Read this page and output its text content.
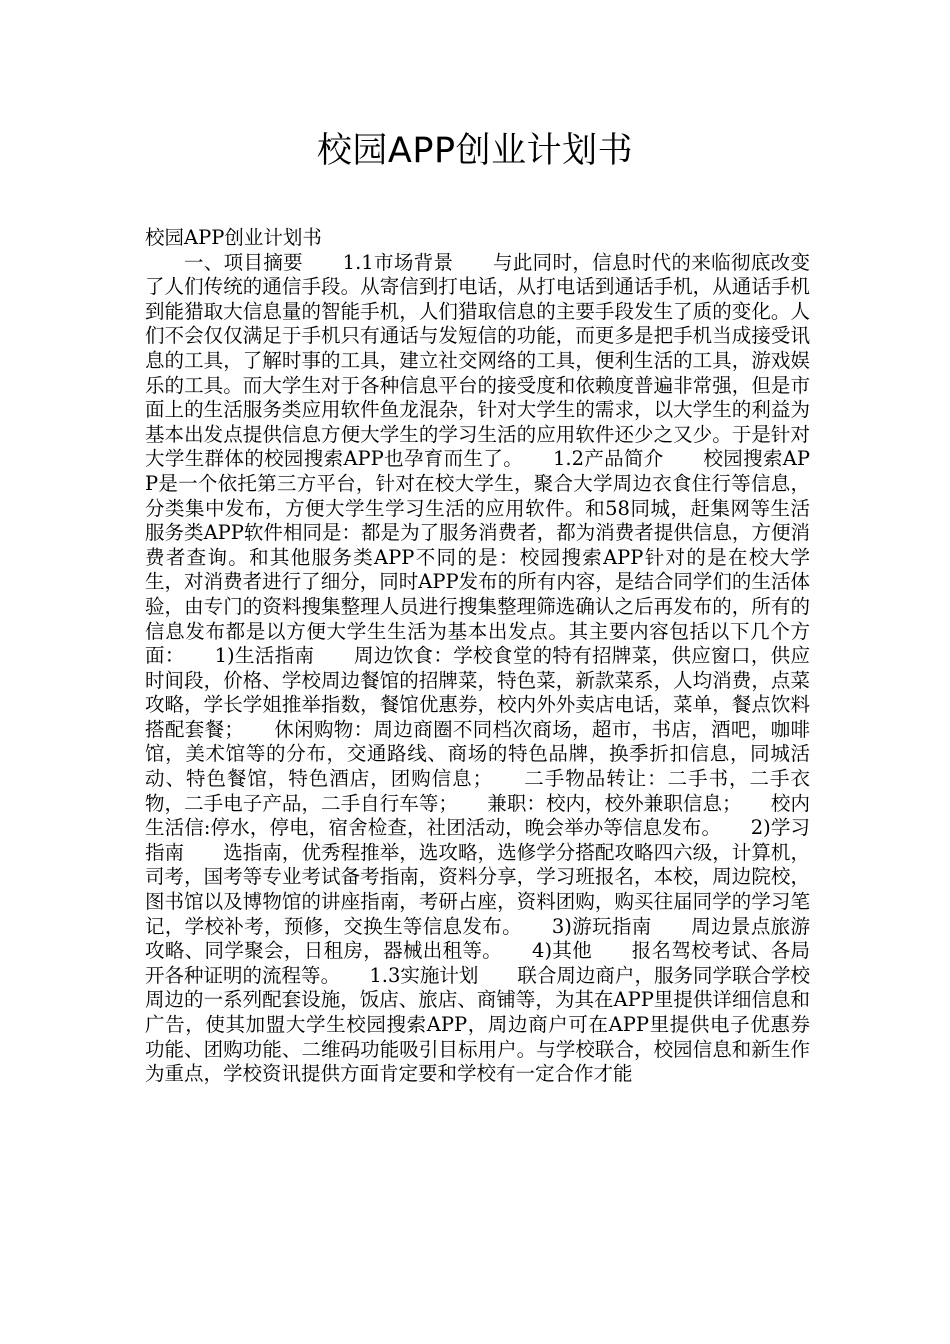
校园APP创业计划书

校园APP创业计划书

一、项目摘要　　1.1市场背景　　与此同时，信息时代的来临彻底改变了人们传统的通信手段。从寄信到打电话，从打电话到通话手机，从通话手机到能猎取大信息量的智能手机，人们猎取信息的主要手段发生了质的变化。人们不会仅仅满足于手机只有通话与发短信的功能，而更多是把手机当成接受讯息的工具，了解时事的工具，建立社交网络的工具，便利生活的工具，游戏娱乐的工具。而大学生对于各种信息平台的接受度和依赖度普遍非常强，但是市面上的生活服务类应用软件鱼龙混杂，针对大学生的需求，以大学生的利益为基本出发点提供信息方便大学生的学习生活的应用软件还少之又少。于是针对大学生群体的校园搜索APP也孕育而生了。　　1.2产品简介　　校园搜索APP是一个依托第三方平台，针对在校大学生，聚合大学周边衣食住行等信息，分类集中发布，方便大学生学习生活的应用软件。和58同城，赶集网等生活服务类APP软件相同是：都是为了服务消费者，都为消费者提供信息，方便消费者查询。和其他服务类APP不同的是：校园搜索APP针对的是在校大学生，对消费者进行了细分，同时APP发布的所有内容，是结合同学们的生活体验，由专门的资料搜集整理人员进行搜集整理筛选确认之后再发布的，所有的信息发布都是以方便大学生生活为基本出发点。其主要内容包括以下几个方面：　　1)生活指南　　周边饮食：学校食堂的特有招牌菜，供应窗口，供应时间段，价格、学校周边餐馆的招牌菜，特色菜，新款菜系，人均消费，点菜攻略，学长学姐推举指数，餐馆优惠券，校内外外卖店电话，菜单，餐点饮料搭配套餐；　　休闲购物：周边商圈不同档次商场，超市，书店，酒吧，咖啡馆，美术馆等的分布，交通路线、商场的特色品牌，换季折扣信息，同城活动、特色餐馆，特色酒店，团购信息；　　二手物品转让：二手书，二手衣物，二手电子产品，二手自行车等；　　兼职：校内，校外兼职信息；　　校内生活信:停水，停电，宿舍检查，社团活动，晚会举办等信息发布。　　2)学习指南　　选指南，优秀程推举，选攻略，选修学分搭配攻略四六级，计算机，司考，国考等专业考试备考指南，资料分享，学习班报名，本校，周边院校，图书馆以及博物馆的讲座指南，考研占座，资料团购，购买往届同学的学习笔记，学校补考，预修，交换生等信息发布。　　3)游玩指南　　周边景点旅游攻略、同学聚会，日租房，器械出租等。　　4)其他　　报名驾校考试、各局开各种证明的流程等。　　1.3实施计划　　联合周边商户，服务同学联合学校周边的一系列配套设施，饭店、旅店、商铺等，为其在APP里提供详细信息和广告，使其加盟大学生校园搜索APP，周边商户可在APP里提供电子优惠券功能、团购功能、二维码功能吸引目标用户。与学校联合，校园信息和新生作为重点，学校资讯提供方面肯定要和学校有一定合作才能
